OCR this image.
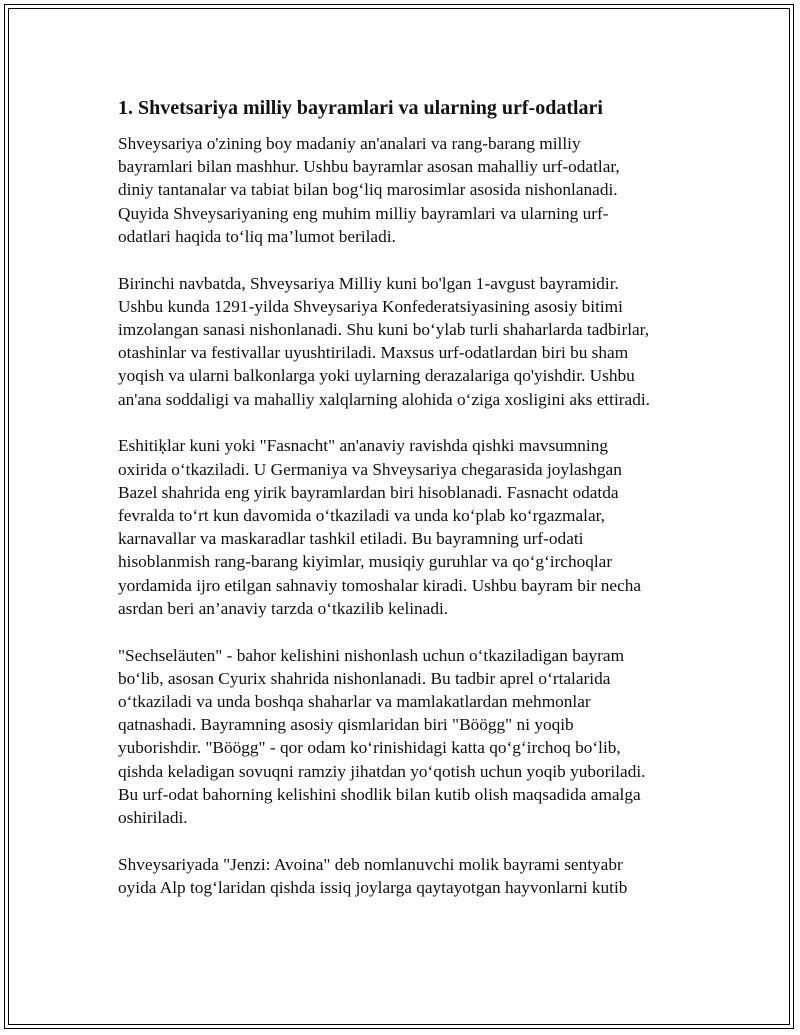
1. Shvetsariya milliy bayramlari va ularning urf-odatlari

Shveysariya o'zining boy madaniy an'analari va rang-barang milliy
bayramlari bilan mashhur. Ushbu bayramlar asosan mahalliy urf-odatlar,
diniy tantanalar va tabiat bilan bog‘liq marosimlar asosida nishonlanadi.
Quyida Shveysariyaning eng muhim milliy bayramlari va ularning urf-
odatlari haqida to‘liq ma’lumot beriladi.

Birinchi navbatda, Shveysariya Milliy kuni bo'lgan 1-avgust bayramidir.
Ushbu kunda 1291-yilda Shveysariya Konfederatsiyasining asosiy bitimi
imzolangan sanasi nishonlanadi. Shu kuni bo‘ylab turli shaharlarda tadbirlar,
otashinlar va festivallar uyushtiriladi. Maxsus urf-odatlardan biri bu sham
yoqish va ularni balkonlarga yoki uylarning derazalariga qo'yishdir. Ushbu
an'ana soddaligi va mahalliy xalqlarning alohida o‘ziga xosligini aks ettiradi.

Eshitiķlar kuni yoki "Fasnacht" an'anaviy ravishda qishki mavsumning
oxirida o‘tkaziladi. U Germaniya va Shveysariya chegarasida joylashgan
Bazel shahrida eng yirik bayramlardan biri hisoblanadi. Fasnacht odatda
fevralda to‘rt kun davomida o‘tkaziladi va unda ko‘plab ko‘rgazmalar,
karnavallar va maskaradlar tashkil etiladi. Bu bayramning urf-odati
hisoblanmish rang-barang kiyimlar, musiqiy guruhlar va qo‘g‘irchoqlar
yordamida ijro etilgan sahnaviy tomoshalar kiradi. Ushbu bayram bir necha
asrdan beri an’anaviy tarzda o‘tkazilib kelinadi.

"Sechseläuten" - bahor kelishini nishonlash uchun o‘tkaziladigan bayram
bo‘lib, asosan Cyurix shahrida nishonlanadi. Bu tadbir aprel o‘rtalarida
o‘tkaziladi va unda boshqa shaharlar va mamlakatlardan mehmonlar
qatnashadi. Bayramning asosiy qismlaridan biri "Böögg" ni yoqib
yuborishdir. "Böögg" - qor odam ko‘rinishidagi katta qo‘g‘irchoq bo‘lib,
qishda keladigan sovuqni ramziy jihatdan yo‘qotish uchun yoqib yuboriladi.
Bu urf-odat bahorning kelishini shodlik bilan kutib olish maqsadida amalga
oshiriladi.

Shveysariyada "Jenzi: Avoina" deb nomlanuvchi molik bayrami sentyabr
oyida Alp tog‘laridan qishda issiq joylarga qaytayotgan hayvonlarni kutib
